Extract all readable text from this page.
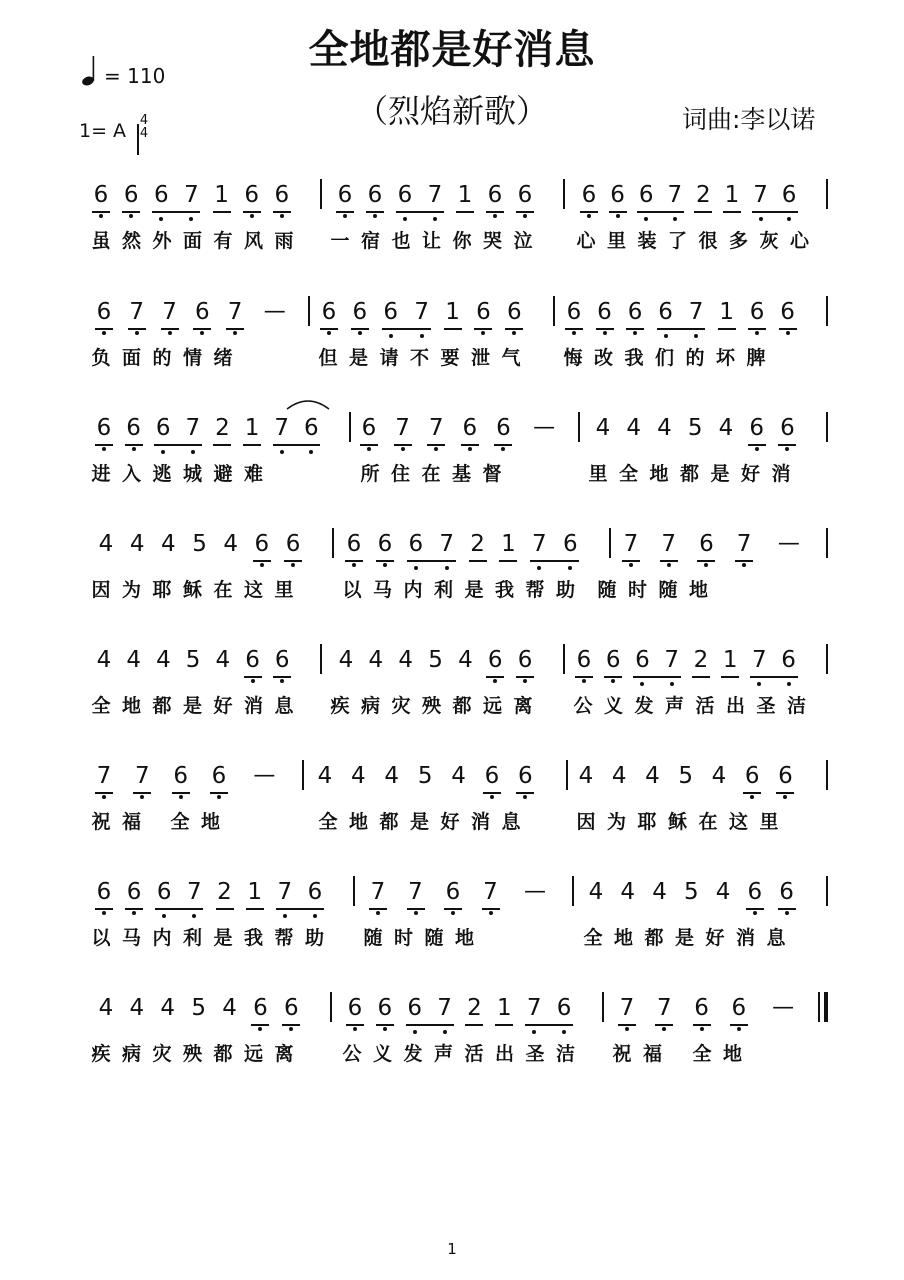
全地都是好消息
（烈焰新歌）	词曲:李以诺
= 110
1= A 4
4
6 6 6 7 1 6 6 6 6 6 7 1 6 6 6 6 6 7 2 1 7 6
虽 然 外 面 有 风 雨 一 宿 也 让 你 哭 泣 心 里 装 了 很 多 灰 心
6 7 7 6 7 — 6 6 6 7 1 6 6 6 6 6 6 7 1 6 6
负 面 的 情 绪	但 是 请 不 要 泄 气 悔 改 我 们 的 坏 脾
6 6 6 7 2 1 7 6 6 7 7 6 6 — 4 4 4 5 4 6 6
进 入 逃 城 避 难	所 住 在 基 督	里 全 地 都 是 好 消
4 4 4 5 4 6 6 6 6 6 7 2 1 7 6 7 7 6 7 —
因 为 耶 稣 在 这 里	以 马 内 利 是 我 帮 助 随 时 随 地
4 4 4 5 4 6 6 4 4 4 5 4 6 6 6 6 6 7 2 1 7 6
全 地 都 是 好 消 息 疾 病 灾 殃 都 远 离 公 义 发 声 活 出 圣 洁
7 7 6 6 — 4 4 4 5 4 6 6 4 4 4 5 4 6 6
祝 福 全 地	全 地 都 是 好 消 息	因 为 耶 稣 在 这 里
6 6 6 7 2 1 7 6 7 7 6 7 — 4 4 4 5 4 6 6
以 马 内 利 是 我 帮 助 随 时 随 地	全 地 都 是 好 消 息
4 4 4 5 4 6 6 6 6 6 7 2 1 7 6 7 7 6 6 —
疾 病 灾 殃 都 远 离	公 义 发 声 活 出 圣 洁 祝 福 全 地
1
